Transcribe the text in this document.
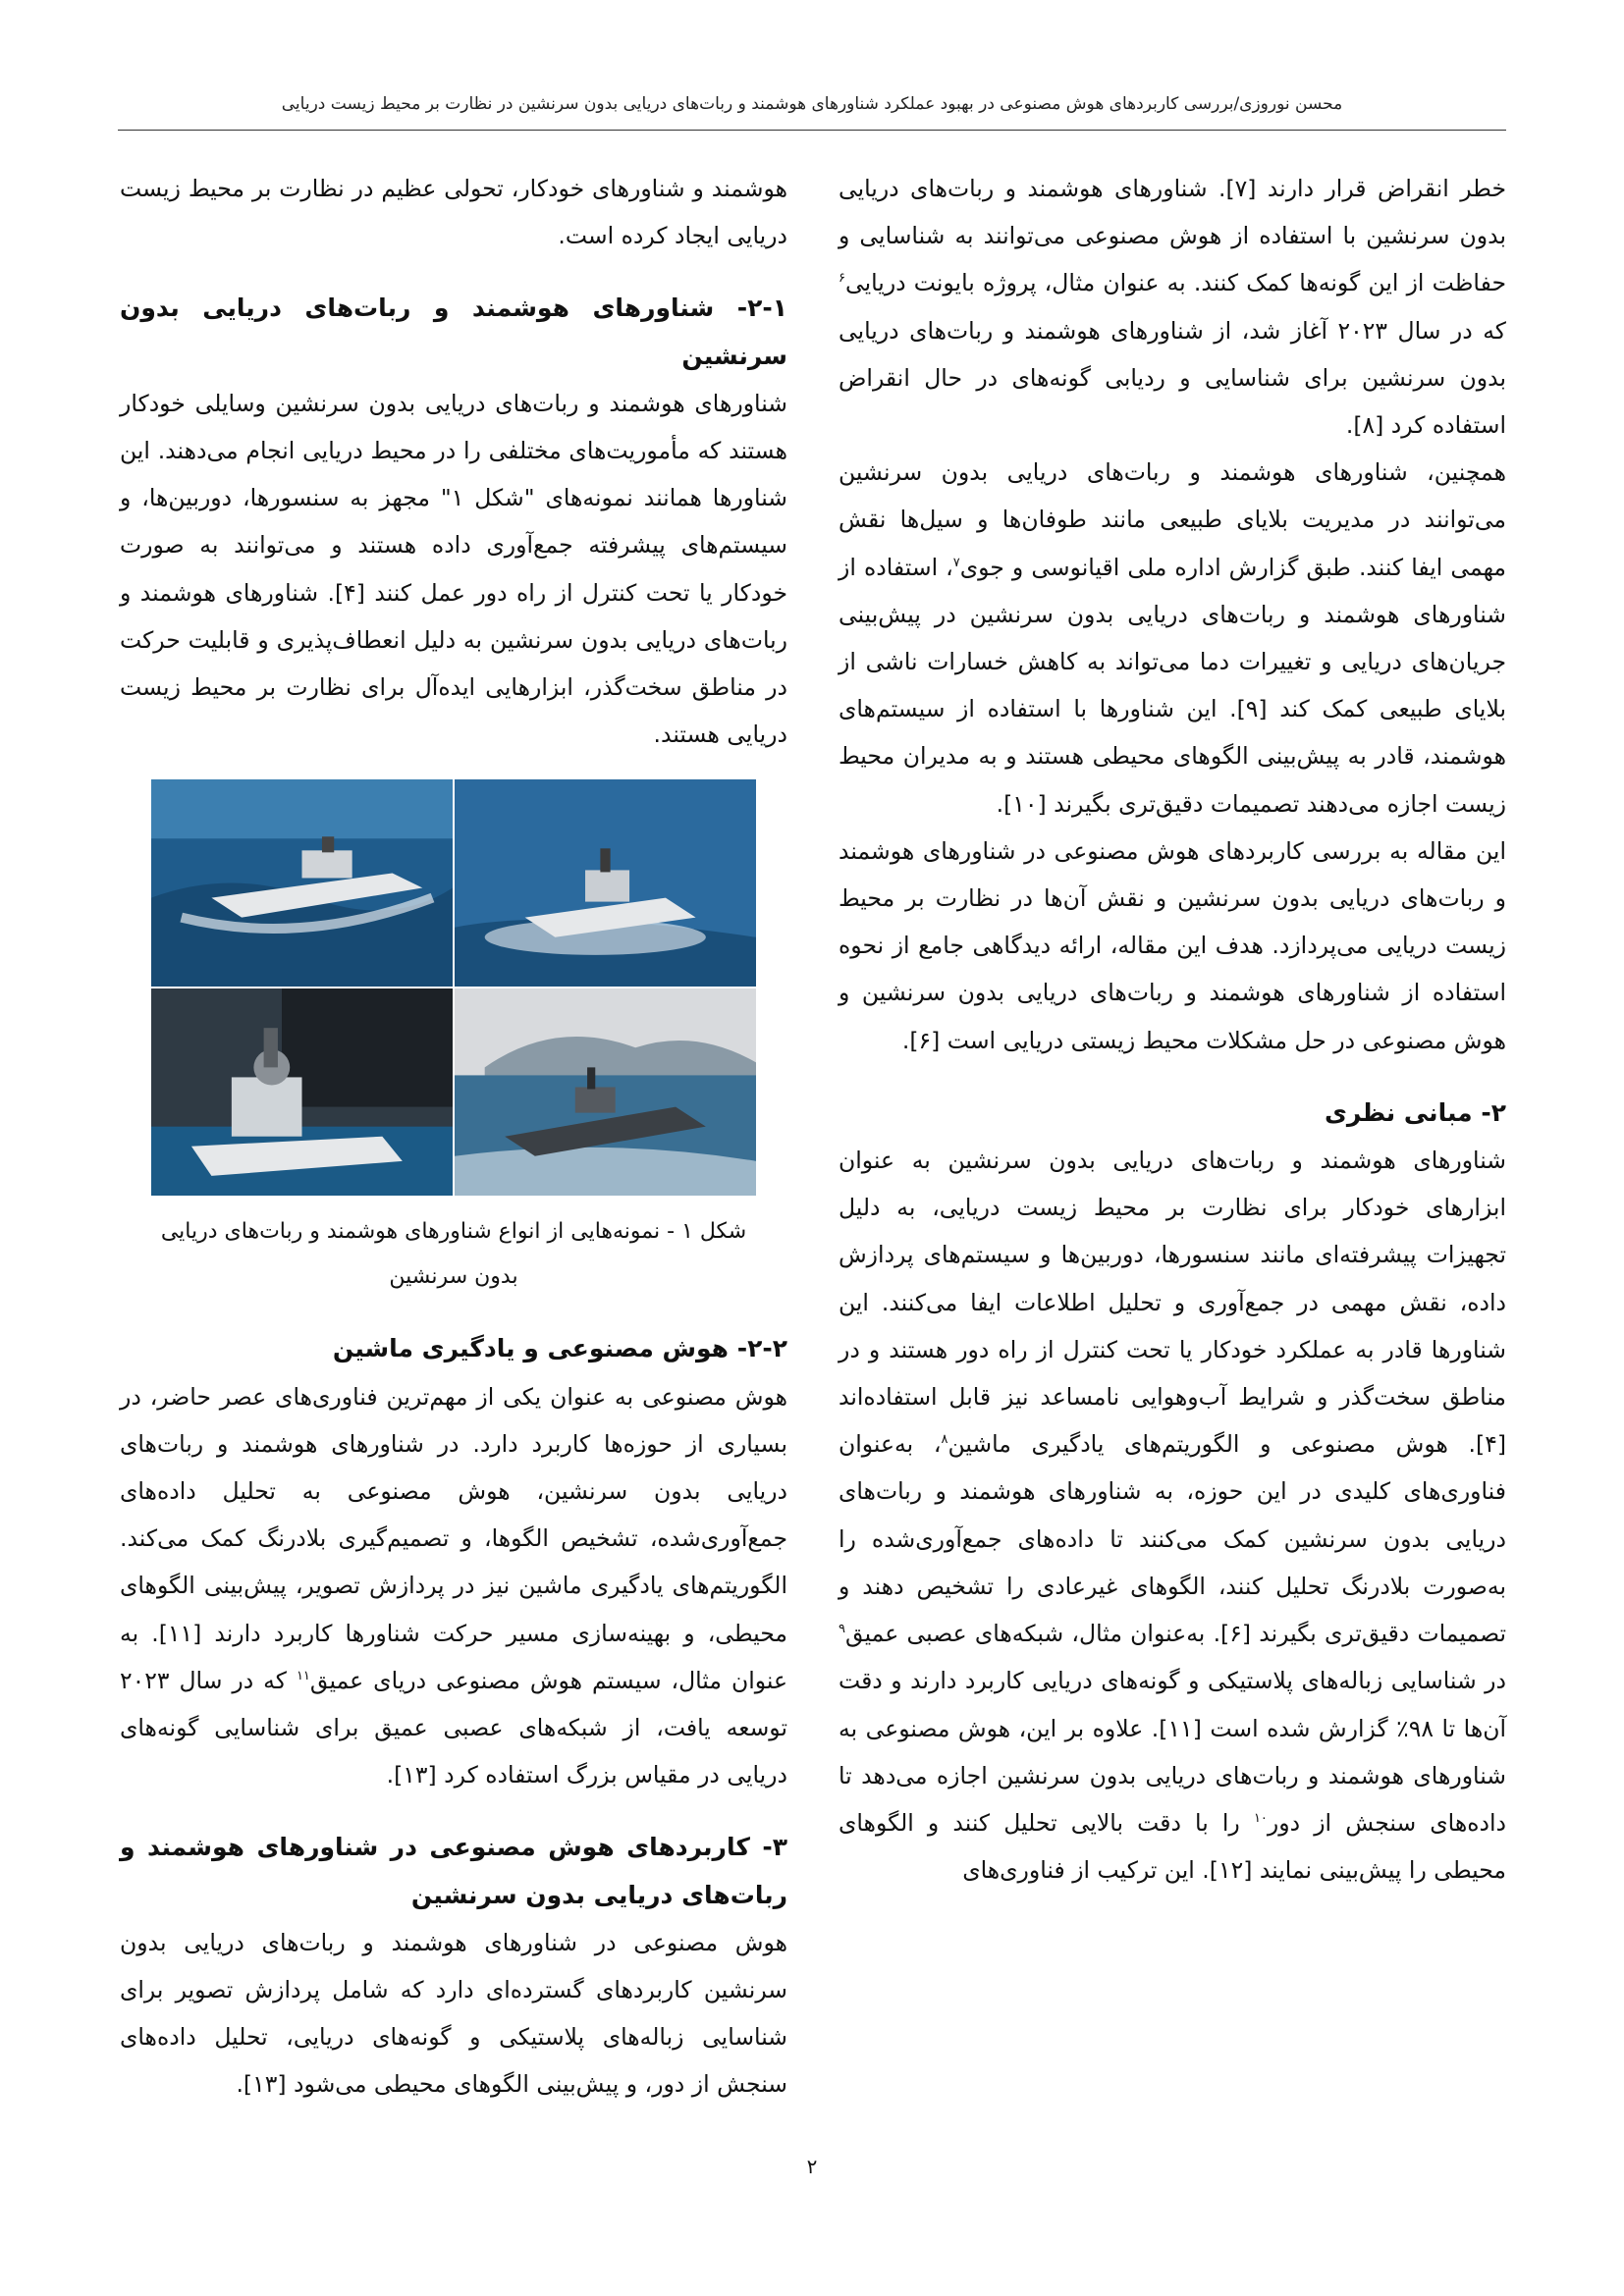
محسن نوروزی/بررسی کاربردهای هوش مصنوعی در بهبود عملکرد شناورهای هوشمند و ربات‌های دریایی بدون سرنشین در نظارت بر محیط زیست دریایی

خطر انقراض قرار دارند [۷]. شناورهای هوشمند و ربات‌های دریایی بدون سرنشین با استفاده از هوش مصنوعی می‌توانند به شناسایی و حفاظت از این گونه‌ها کمک کنند. به عنوان مثال، پروژه بایونت دریایی$^۶$ که در سال ۲۰۲۳ آغاز شد، از شناورهای هوشمند و ربات‌های دریایی بدون سرنشین برای شناسایی و ردیابی گونه‌های در حال انقراض استفاده کرد [۸].

همچنین، شناورهای هوشمند و ربات‌های دریایی بدون سرنشین می‌توانند در مدیریت بلایای طبیعی مانند طوفان‌ها و سیل‌ها نقش مهمی ایفا کنند. طبق گزارش اداره ملی اقیانوسی و جوی$^۷$، استفاده از شناورهای هوشمند و ربات‌های دریایی بدون سرنشین در پیش‌بینی جریان‌های دریایی و تغییرات دما می‌تواند به کاهش خسارات ناشی از بلایای طبیعی کمک کند [۹]. این شناورها با استفاده از سیستم‌های هوشمند، قادر به پیش‌بینی الگوهای محیطی هستند و به مدیران محیط زیست اجازه می‌دهند تصمیمات دقیق‌تری بگیرند [۱۰].

این مقاله به بررسی کاربردهای هوش مصنوعی در شناورهای هوشمند و ربات‌های دریایی بدون سرنشین و نقش آن‌ها در نظارت بر محیط زیست دریایی می‌پردازد. هدف این مقاله، ارائه دیدگاهی جامع از نحوه استفاده از شناورهای هوشمند و ربات‌های دریایی بدون سرنشین و هوش مصنوعی در حل مشکلات محیط زیستی دریایی است [۶].

۲- مبانی نظری

شناورهای هوشمند و ربات‌های دریایی بدون سرنشین به عنوان ابزارهای خودکار برای نظارت بر محیط زیست دریایی، به دلیل تجهیزات پیشرفته‌ای مانند سنسورها، دوربین‌ها و سیستم‌های پردازش داده، نقش مهمی در جمع‌آوری و تحلیل اطلاعات ایفا می‌کنند. این شناورها قادر به عملکرد خودکار یا تحت کنترل از راه دور هستند و در مناطق سخت‌گذر و شرایط آب‌وهوایی نامساعد نیز قابل استفاده‌اند [۴]. هوش مصنوعی و الگوریتم‌های یادگیری ماشین$^۸$، به‌عنوان فناوری‌های کلیدی در این حوزه، به شناورهای هوشمند و ربات‌های دریایی بدون سرنشین کمک می‌کنند تا داده‌های جمع‌آوری‌شده را به‌صورت بلادرنگ تحلیل کنند، الگوهای غیرعادی را تشخیص دهند و تصمیمات دقیق‌تری بگیرند [۶]. به‌عنوان مثال، شبکه‌های عصبی عمیق$^۹$ در شناسایی زباله‌های پلاستیکی و گونه‌های دریایی کاربرد دارند و دقت آن‌ها تا ۹۸٪ گزارش شده است [۱۱]. علاوه بر این، هوش مصنوعی به شناورهای هوشمند و ربات‌های دریایی بدون سرنشین اجازه می‌دهد تا داده‌های سنجش از دور$^{۱۰}$ را با دقت بالایی تحلیل کنند و الگوهای محیطی را پیش‌بینی نمایند [۱۲]. این ترکیب از فناوری‌های

هوشمند و شناورهای خودکار، تحولی عظیم در نظارت بر محیط زیست دریایی ایجاد کرده است.

۲-۱- شناورهای هوشمند و ربات‌های دریایی بدون سرنشین

شناورهای هوشمند و ربات‌های دریایی بدون سرنشین وسایلی خودکار هستند که مأموریت‌های مختلفی را در محیط دریایی انجام می‌دهند. این شناورها همانند نمونه‌های "شکل ۱" مجهز به سنسورها، دوربین‌ها، و سیستم‌های پیشرفته جمع‌آوری داده هستند و می‌توانند به صورت خودکار یا تحت کنترل از راه دور عمل کنند [۴]. شناورهای هوشمند و ربات‌های دریایی بدون سرنشین به دلیل انعطاف‌پذیری و قابلیت حرکت در مناطق سخت‌گذر، ابزارهایی ایده‌آل برای نظارت بر محیط زیست دریایی هستند.

شکل ۱ - نمونه‌هایی از انواع شناورهای هوشمند و ربات‌های دریایی
بدون سرنشین
۲-۲- هوش مصنوعی و یادگیری ماشین

هوش مصنوعی به عنوان یکی از مهم‌ترین فناوری‌های عصر حاضر، در بسیاری از حوزه‌ها کاربرد دارد. در شناورهای هوشمند و ربات‌های دریایی بدون سرنشین، هوش مصنوعی به تحلیل داده‌های جمع‌آوری‌شده، تشخیص الگوها، و تصمیم‌گیری بلادرنگ کمک می‌کند. الگوریتم‌های یادگیری ماشین نیز در پردازش تصویر، پیش‌بینی الگوهای محیطی، و بهینه‌سازی مسیر حرکت شناورها کاربرد دارند [۱۱]. به عنوان مثال، سیستم هوش مصنوعی دریای عمیق$^{۱۱}$ که در سال ۲۰۲۳ توسعه یافت، از شبکه‌های عصبی عمیق برای شناسایی گونه‌های دریایی در مقیاس بزرگ استفاده کرد [۱۳].

۳- کاربردهای هوش مصنوعی در شناورهای هوشمند و ربات‌های دریایی بدون سرنشین

هوش مصنوعی در شناورهای هوشمند و ربات‌های دریایی بدون سرنشین کاربردهای گسترده‌ای دارد که شامل پردازش تصویر برای شناسایی زباله‌های پلاستیکی و گونه‌های دریایی، تحلیل داده‌های سنجش از دور، و پیش‌بینی الگوهای محیطی می‌شود [۱۳].

۲
